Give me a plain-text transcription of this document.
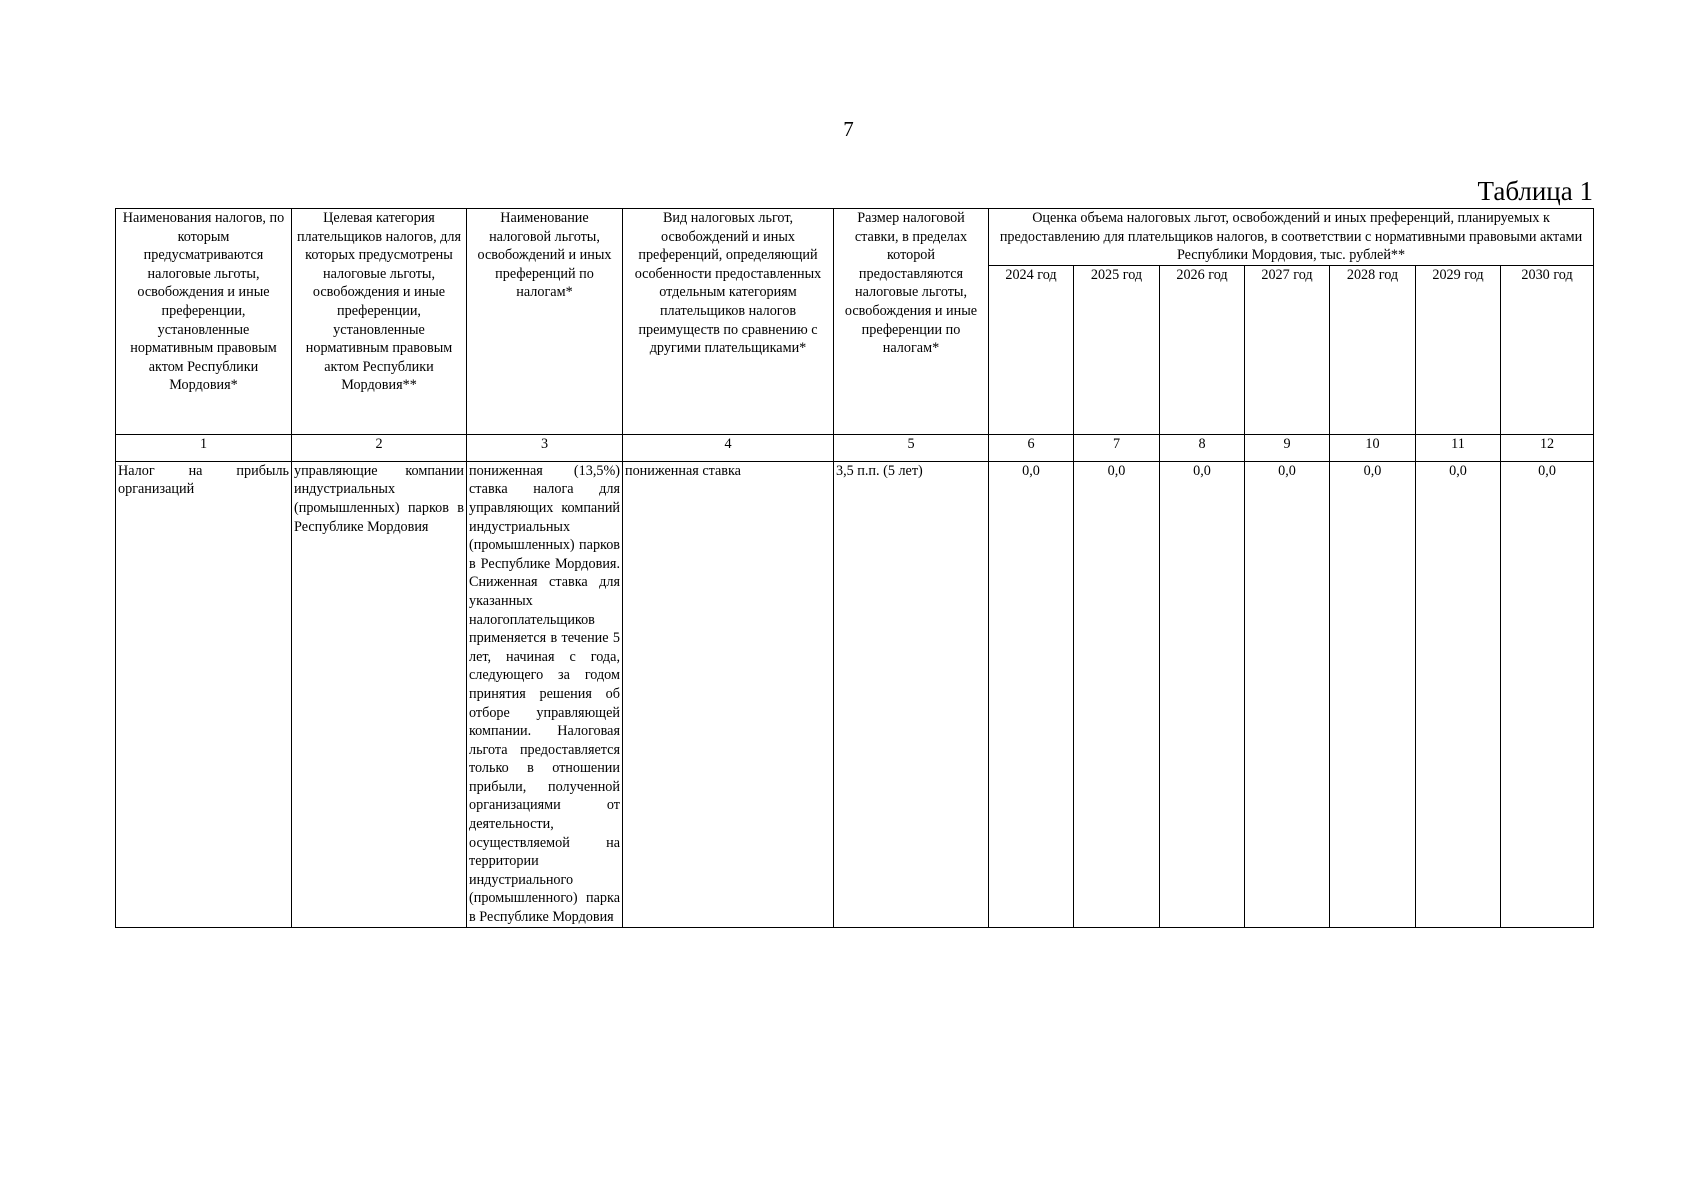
7
Таблица 1
Наименования налогов, по которым предусматриваются налоговые льготы, освобождения и иные преференции, установленные нормативным правовым актом Республики Мордовия*	Целевая категория плательщиков налогов, для которых предусмотрены налоговые льготы, освобождения и иные преференции, установленные нормативным правовым актом Республики Мордовия**	Наименование налоговой льготы, освобождений и иных преференций по налогам*	Вид налоговых льгот, освобождений и иных преференций, определяющий особенности предоставленных отдельным категориям плательщиков налогов преимуществ по сравнению с другими плательщиками*	Размер налоговой ставки, в пределах которой предоставляются налоговые льготы, освобождения и иные преференции по налогам*	Оценка объема налоговых льгот, освобождений и иных преференций, планируемых к предоставлению для плательщиков налогов, в соответствии с нормативными правовыми актами Республики Мордовия, тыс. рублей**						
					2024 год	2025 год	2026 год	2027 год	2028 год	2029 год	2030 год
1	2	3	4	5	6	7	8	9	10	11	12
Налог на прибыль организаций	управляющие компании индустриальных (промышленных) парков в Республике Мордовия	пониженная (13,5%) ставка налога для управляющих компаний индустриальных (промышленных) парков в Республике Мордовия. Сниженная ставка для указанных налогоплательщиков применяется в течение 5 лет, начиная с года, следующего за годом принятия решения об отборе управляющей компании. Налоговая льгота предоставляется только в отношении прибыли, полученной организациями от деятельности, осуществляемой на территории индустриального (промышленного) парка в Республике Мордовия	пониженная ставка	3,5 п.п. (5 лет)	0,0	0,0	0,0	0,0	0,0	0,0	0,0
